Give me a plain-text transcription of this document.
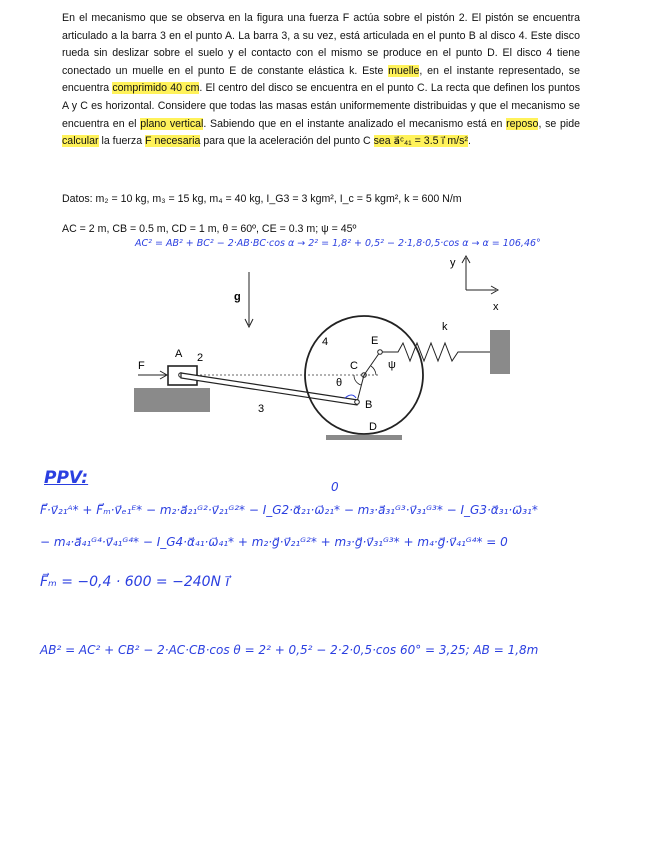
En el mecanismo que se observa en la figura una fuerza F actúa sobre el pistón 2. El pistón se encuentra articulado a la barra 3 en el punto A. La barra 3, a su vez, está articulada en el punto B al disco 4. Este disco rueda sin deslizar sobre el suelo y el contacto con el mismo se produce en el punto D. El disco 4 tiene conectado un muelle en el punto E de constante elástica k. Este muelle, en el instante representado, se encuentra comprimido 40 cm. El centro del disco se encuentra en el punto C. La recta que definen los puntos A y C es horizontal. Considere que todas las masas están uniformemente distribuidas y que el mecanismo se encuentra en el plano vertical. Sabiendo que en el instante analizado el mecanismo está en reposo, se pide calcular la fuerza F necesaria para que la aceleración del punto C sea a⃗ᶜ₄₁ = 3.5 i⃗ m/s².

Datos: m₂ = 10 kg, m₃ = 15 kg, m₄ = 40 kg, I_G3 = 3 kgm², I_c = 5 kgm², k = 600 N/m
AC = 2 m, CB = 0.5 m, CD = 1 m, θ = 60º, CE = 0.3 m; ψ = 45º
AC² = AB² + BC² − 2·AB·BC·cos α → 2² = 1,8² + 0,5² − 2·1,8·0,5·cos α → α = 106,46°
y
x
g
A 2
F
3
4
C
B
θ
E
ψ
k
D
PPV:	0
F⃗·v⃗₂₁ᴬ* + F⃗ₘ·v⃗ₑ₁ᴱ* − m₂·a⃗₂₁ᴳ²·v⃗₂₁ᴳ²* − I_G2·α⃗₂₁·ω⃗₂₁* − m₃·a⃗₃₁ᴳ³·v⃗₃₁ᴳ³* − I_G3·α⃗₃₁·ω⃗₃₁*
− m₄·a⃗₄₁ᴳ⁴·v⃗₄₁ᴳ⁴* − I_G4·α⃗₄₁·ω⃗₄₁* + m₂·g⃗·v⃗₂₁ᴳ²* + m₃·g⃗·v⃗₃₁ᴳ³* + m₄·g⃗·v⃗₄₁ᴳ⁴* = 0
F⃗ₘ = −0,4 · 600 = −240N i⃗
AB² = AC² + CB² − 2·AC·CB·cos θ = 2² + 0,5² − 2·2·0,5·cos 60° = 3,25; AB = 1,8m
